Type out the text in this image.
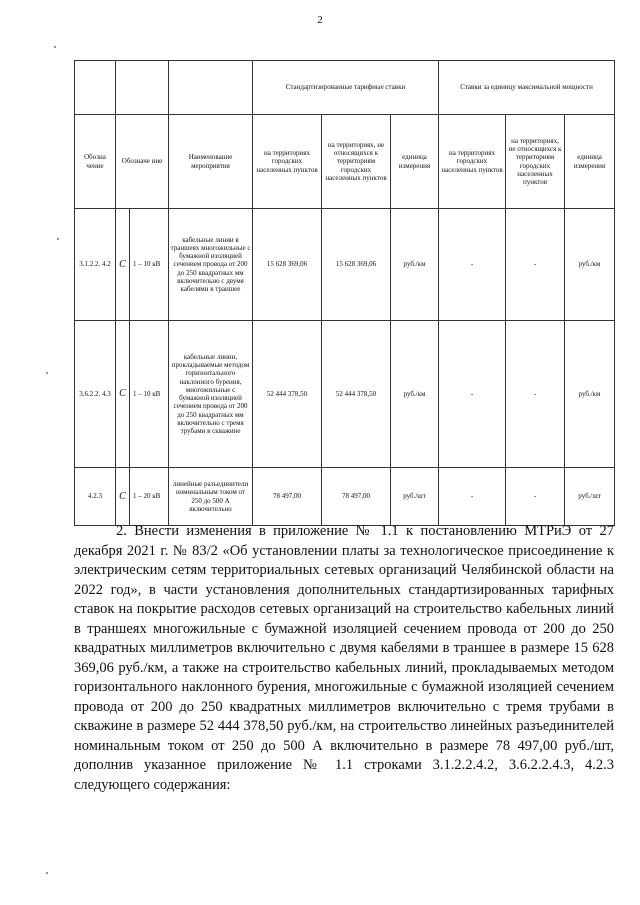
2
				Стандартизированные тарифные ставки			Ставки за единицу максимальной мощности		
Обозна чение	Обозначе ние		Наименование мероприятия	на территориях городских населенных пунктов	на территориях, не относящихся к территориям городских населенных пунктов	единица измерения	на территориях городских населенных пунктов	на территориях, не относящихся к территориям городских населенных пунктов	единица измерения
3.1.2.2. 4.2	С	1 – 10 кВ	кабельные линии в траншеях многожильные с бумажной изоляцией сечением провода от 200 до 250 квадратных мм включительно с двумя кабелями в траншее	15 628 369,06	15 628 369,06	руб./км	-	-	руб./км
3.6.2.2. 4.3	С	1 – 10 кВ	кабельные линии, прокладываемые методом горизонтального наклонного бурения, многожильные с бумажной изоляцией сечением провода от 200 до 250 квадратных мм включительно с тремя трубами в скважине	52 444 378,50	52 444 378,50	руб./км	-	-	руб./км
4.2.3	С	1 – 20 кВ	линейные разъединители номинальным током от 250 до 500 А включительно	78 497,00	78 497,00	руб./шт	-	-	руб./шт

2. Внести изменения в приложение № 1.1 к постановлению МТРиЭ от 27 декабря 2021 г. № 83/2 «Об установлении платы за технологическое присоединение к электрическим сетям территориальных сетевых организаций Челябинской области на 2022 год», в части установления дополнительных стандартизированных тарифных ставок на покрытие расходов сетевых организаций на строительство кабельных линий в траншеях многожильные с бумажной изоляцией сечением провода от 200 до 250 квадратных миллиметров включительно с двумя кабелями в траншее в размере 15 628 369,06 руб./км, а также на строительство кабельных линий, прокладываемых методом горизонтального наклонного бурения, многожильные с бумажной изоляцией сечением провода от 200 до 250 квадратных миллиметров включительно с тремя трубами в скважине в размере 52 444 378,50 руб./км, на строительство линейных разъединителей номинальным током от 250 до 500 А включительно в размере 78 497,00 руб./шт, дополнив указанное приложение № 1.1 строками 3.1.2.2.4.2, 3.6.2.2.4.3, 4.2.3 следующего содержания:
